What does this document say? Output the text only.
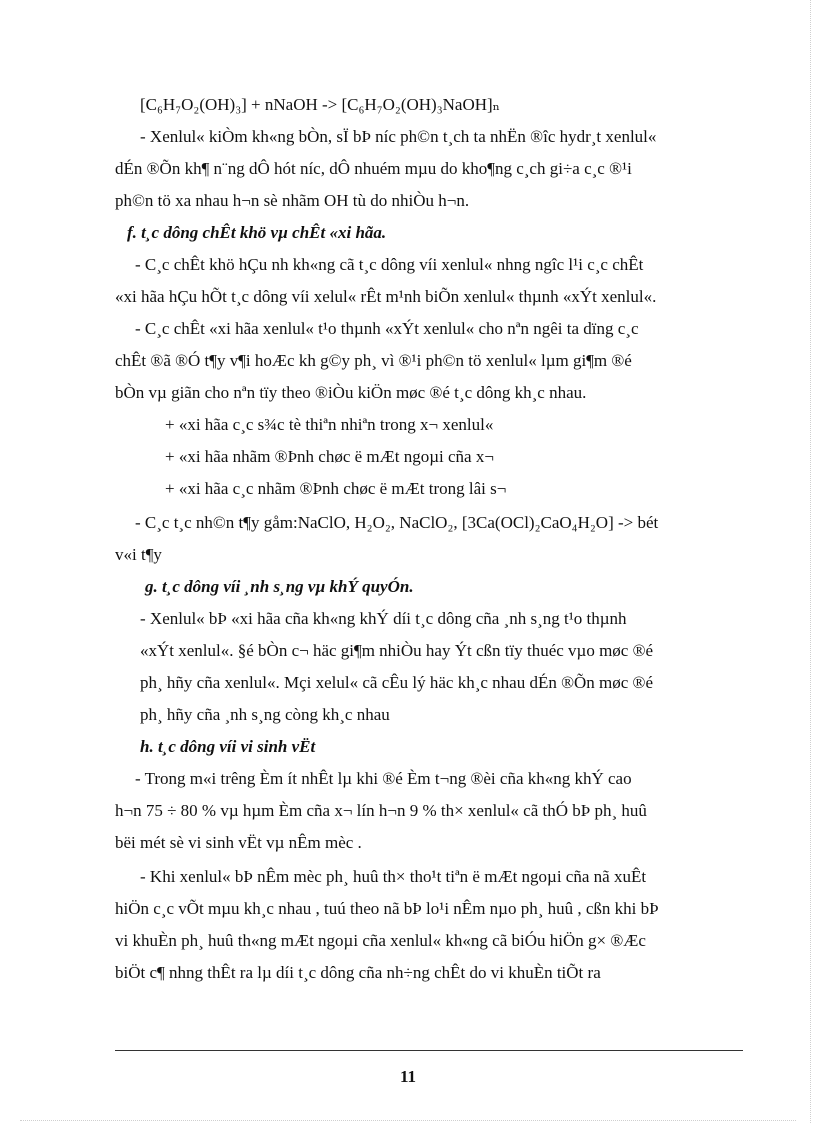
[C₆H₇O₂(OH)₃] + nNaOH -> [C₆H₇O₂(OH)₃NaOH]ₙ
- Xenlul« kiÒm kh«ng bÒn, sÏ bÞ níc ph©n t¸ch ta nhËn ®îc hydr¸t xenlul«
dÉn ®Õn kh¶ n¨ng dÔ hót níc, dÔ nhuém mµu do kho¶ng c¸ch gi÷a c¸c ®¹i
ph©n tö xa nhau h¬n sè nhãm OH tù do nhiÒu h¬n.
f. t¸c dông chÊt khö vµ chÊt «xi hãa.
- C¸c chÊt khö hÇu nh kh«ng cã t¸c dông víi xenlul« nhng ngîc l¹i c¸c chÊt
«xi hãa hÇu hÕt t¸c dông víi xelul« rÊt m¹nh biÕn xenlul« thµnh «xÝt xenlul«.
- C¸c chÊt «xi hãa xenlul« t¹o thµnh «xÝt xenlul« cho nªn ngêi ta dïng c¸c
chÊt ®ã ®Ó t¶y v¶i hoÆc kh g©y ph¸ vì ®¹i ph©n tö xenlul« lµm gi¶m ®é
bÒn vµ giãn cho nªn tïy theo ®iÒu kiÖn møc ®é t¸c dông kh¸c nhau.
+ «xi hãa c¸c s¾c tè thiªn nhiªn trong x¬ xenlul«
+ «xi hãa nhãm ®Þnh chøc ë mÆt ngoµi cña x¬
+ «xi hãa c¸c nhãm ®Þnh chøc ë mÆt trong lâi s¬
- C¸c t¸c nh©n t¶y gåm:NaClO, H₂O₂, NaClO₂, [3Ca(OCl)₂CaO₄H₂O] -> bét
v«i t¶y
g. t¸c dông víi ¸nh s¸ng vµ khÝ quyÓn.
- Xenlul« bÞ «xi hãa cña kh«ng khÝ díi t¸c dông cña ¸nh s¸ng t¹o thµnh
«xÝt xenlul«. §é bÒn c¬ häc gi¶m nhiÒu hay Ýt cßn tïy thuéc vµo møc ®é
ph¸ hñy cña xenlul«. Mçi xelul« cã cÊu lý häc kh¸c nhau dÉn ®Õn møc ®é
ph¸ hñy cña ¸nh s¸ng còng kh¸c nhau
h. t¸c dông víi vi sinh vËt
- Trong m«i trêng Èm ít nhÊt lµ khi ®é Èm t¬ng ®èi cña kh«ng khÝ cao
h¬n 75 ÷ 80 % vµ hµm Èm cña x¬ lín h¬n 9 % th× xenlul« cã thÓ bÞ ph¸ huû
bëi mét sè vi sinh vËt vµ nÊm mèc .
- Khi xenlul« bÞ nÊm mèc ph¸ huû th× tho¹t tiªn ë mÆt ngoµi cña nã xuÊt
hiÖn c¸c vÕt mµu kh¸c nhau , tuú theo nã bÞ lo¹i nÊm nµo ph¸ huû , cßn khi bÞ
vi khuÈn ph¸ huû th«ng mÆt ngoµi cña xenlul« kh«ng cã biÓu hiÖn g× ®Æc
biÖt c¶ nhng thÊt ra lµ díi t¸c dông cña nh÷ng chÊt do vi khuÈn tiÕt ra
11
